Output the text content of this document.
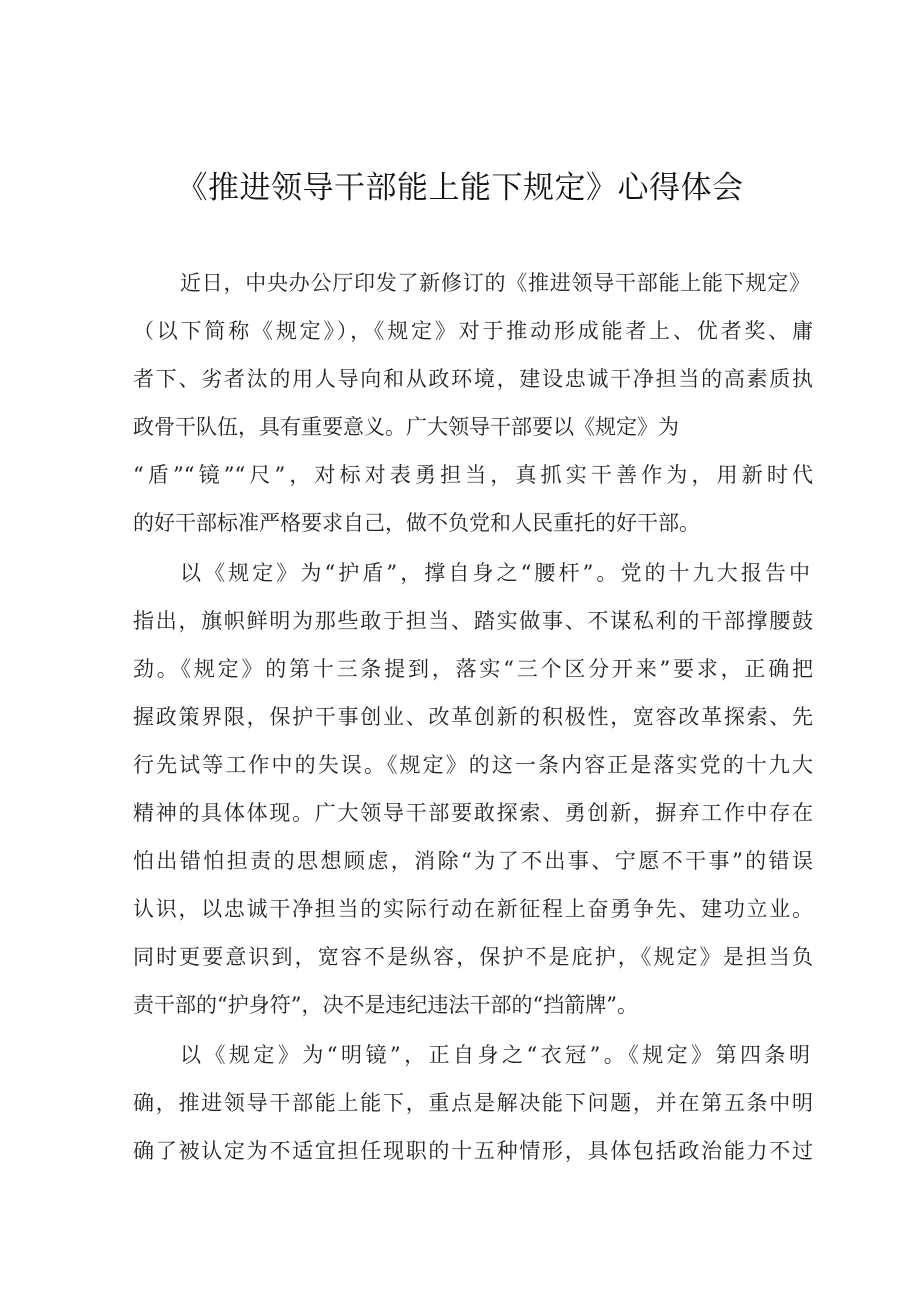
《推进领导干部能上能下规定》心得体会
近日，中央办公厅印发了新修订的《推进领导干部能上能下规定》
（以下简称《规定》），《规定》对于推动形成能者上、优者奖、庸
者下、劣者汰的用人导向和从政环境，建设忠诚干净担当的高素质执
政骨干队伍，具有重要意义。广大领导干部要以《规定》为
“盾”“镜”“尺”，对标对表勇担当，真抓实干善作为，用新时代
的好干部标准严格要求自己，做不负党和人民重托的好干部。
以《规定》为“护盾”，撑自身之“腰杆”。党的十九大报告中
指出，旗帜鲜明为那些敢于担当、踏实做事、不谋私利的干部撑腰鼓
劲。《规定》的第十三条提到，落实“三个区分开来”要求，正确把
握政策界限，保护干事创业、改革创新的积极性，宽容改革探索、先
行先试等工作中的失误。《规定》的这一条内容正是落实党的十九大
精神的具体体现。广大领导干部要敢探索、勇创新，摒弃工作中存在
怕出错怕担责的思想顾虑，消除“为了不出事、宁愿不干事”的错误
认识，以忠诚干净担当的实际行动在新征程上奋勇争先、建功立业。
同时更要意识到，宽容不是纵容，保护不是庇护，《规定》是担当负
责干部的“护身符”，决不是违纪违法干部的“挡箭牌”。
以《规定》为“明镜”，正自身之“衣冠”。《规定》第四条明
确，推进领导干部能上能下，重点是解决能下问题，并在第五条中明
确了被认定为不适宜担任现职的十五种情形，具体包括政治能力不过
